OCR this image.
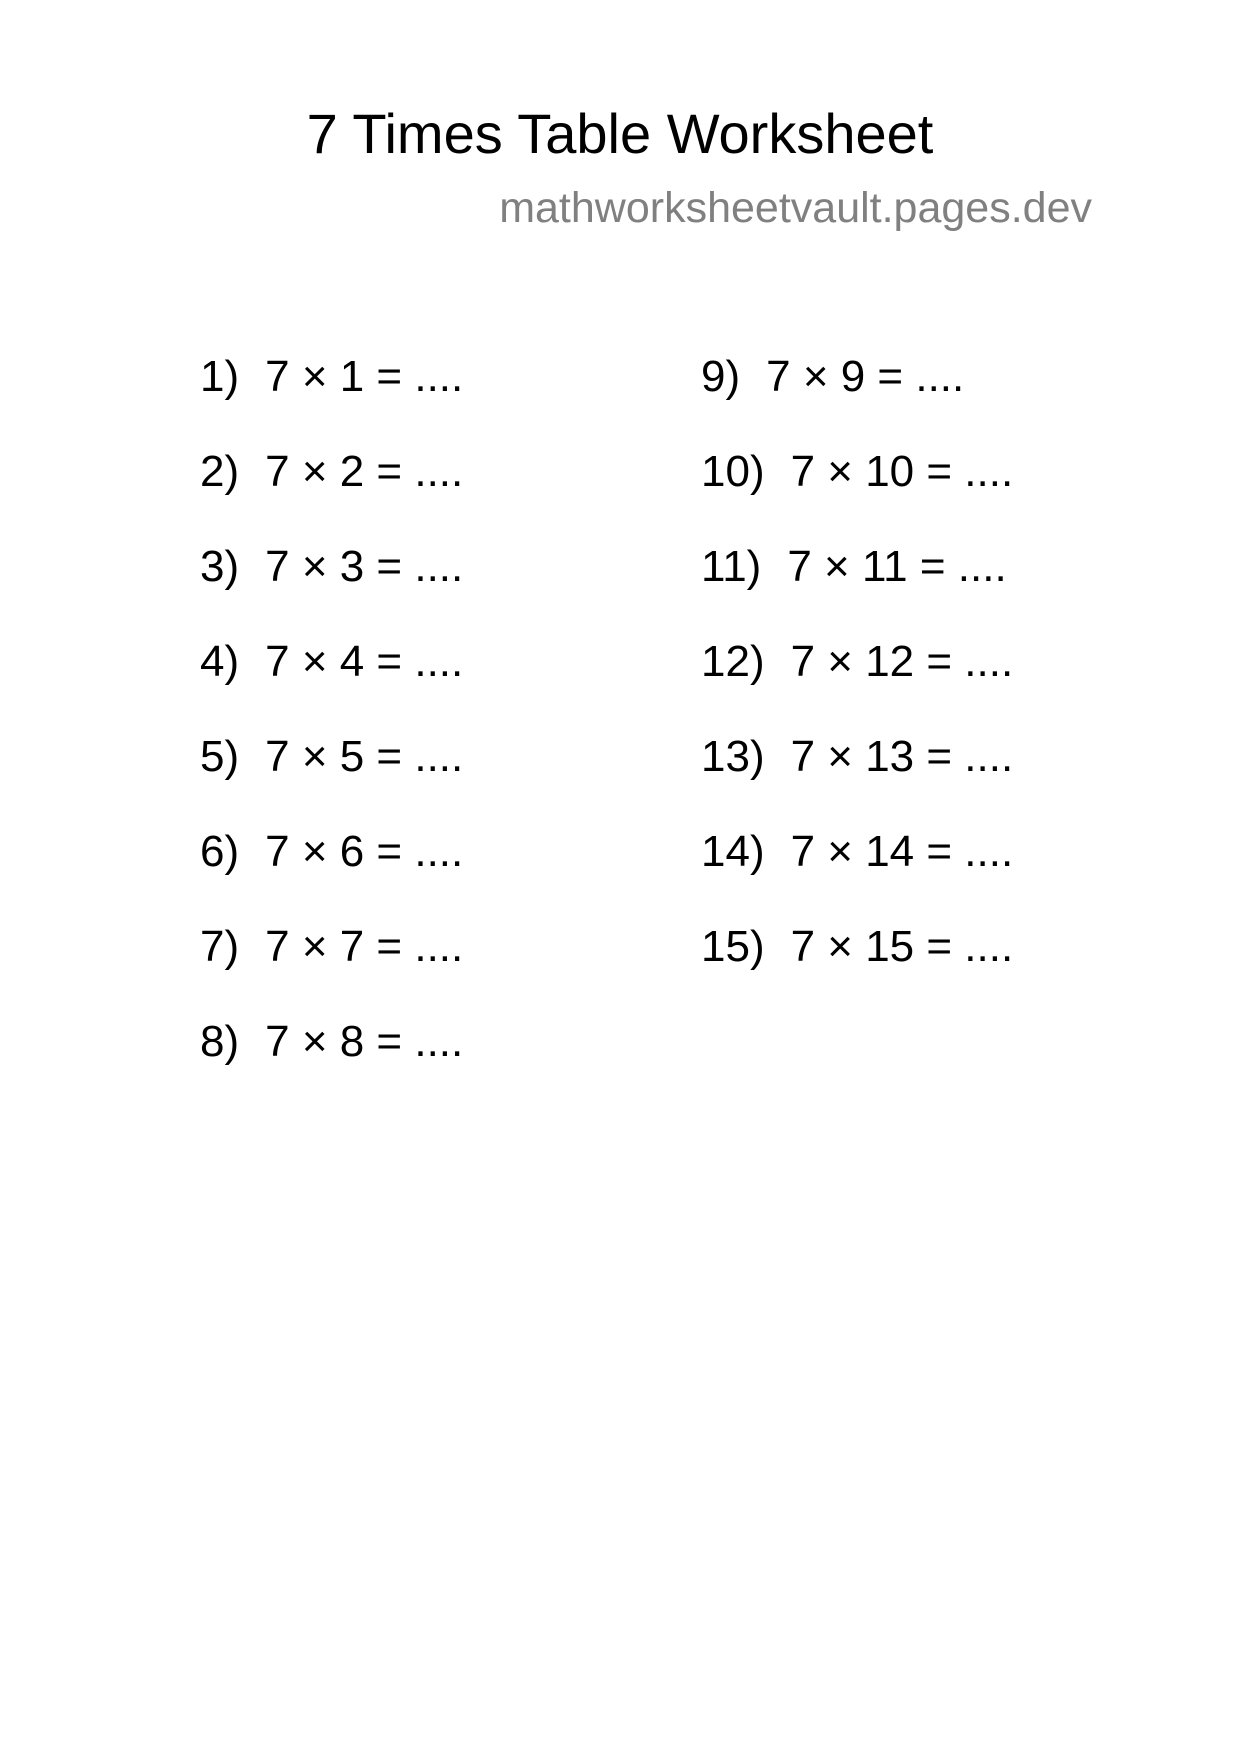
7 Times Table Worksheet
mathworksheetvault.pages.dev
1) 7 × 1 = ....
2) 7 × 2 = ....
3) 7 × 3 = ....
4) 7 × 4 = ....
5) 7 × 5 = ....
6) 7 × 6 = ....
7) 7 × 7 = ....
8) 7 × 8 = ....
9) 7 × 9 = ....
10) 7 × 10 = ....
11) 7 × 11 = ....
12) 7 × 12 = ....
13) 7 × 13 = ....
14) 7 × 14 = ....
15) 7 × 15 = ....
